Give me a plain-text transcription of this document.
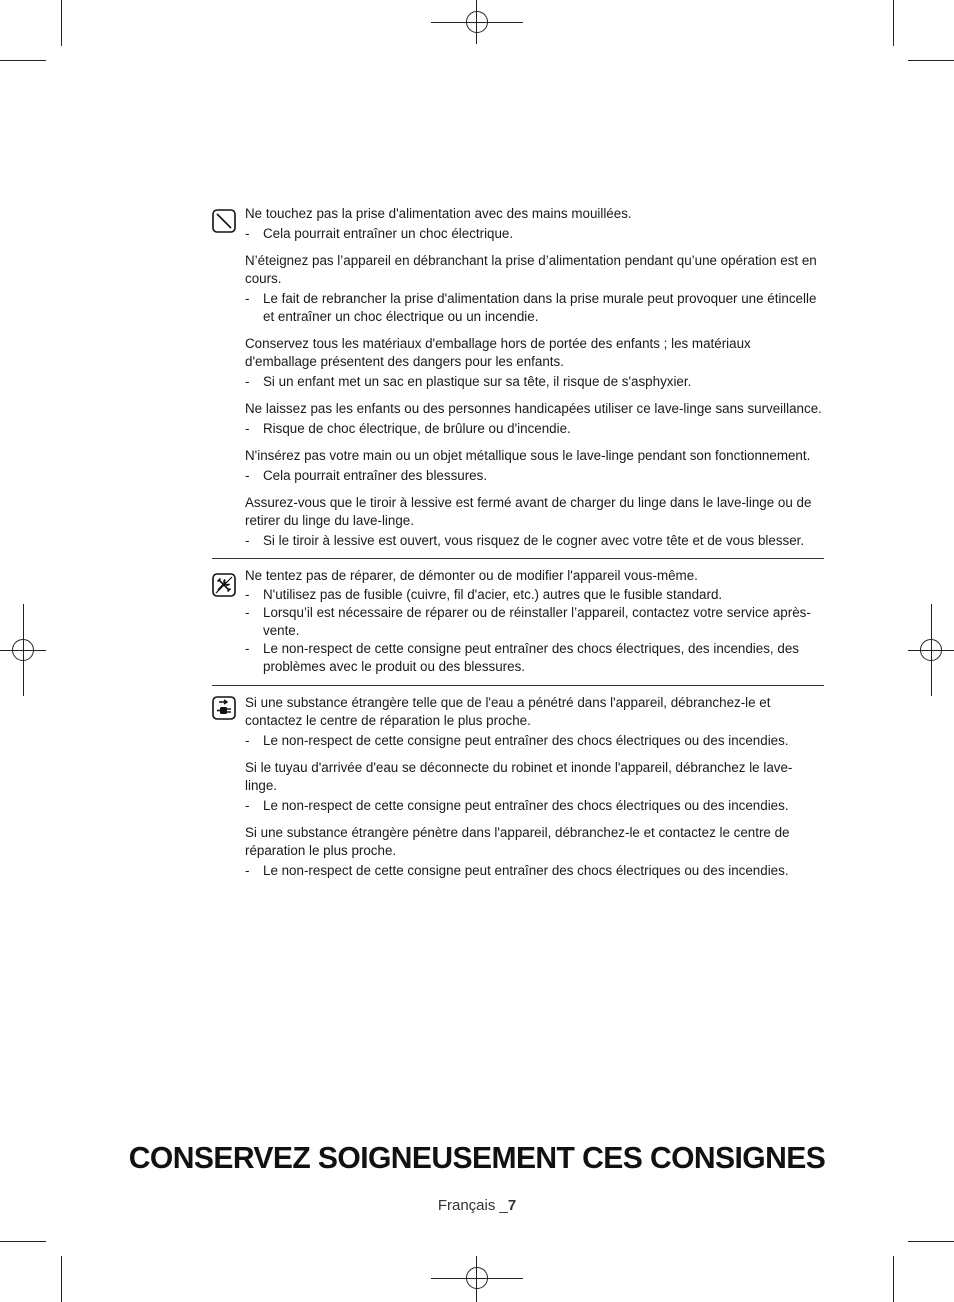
Ne touchez pas la prise d'alimentation avec des mains mouillées.

- Cela pourrait entraîner un choc électrique.

N’éteignez pas l’appareil en débranchant la prise d’alimentation pendant qu’une opération est en cours.

- Le fait de rebrancher la prise d'alimentation dans la prise murale peut provoquer une étincelle et entraîner un choc électrique ou un incendie.

Conservez tous les matériaux d'emballage hors de portée des enfants ; les matériaux d'emballage présentent des dangers pour les enfants.

- Si un enfant met un sac en plastique sur sa tête, il risque de s'asphyxier.

Ne laissez pas les enfants ou des personnes handicapées utiliser ce lave-linge sans surveillance.

- Risque de choc électrique, de brûlure ou d'incendie.

N'insérez pas votre main ou un objet métallique sous le lave-linge pendant son fonctionnement.

- Cela pourrait entraîner des blessures.

Assurez-vous que le tiroir à lessive est fermé avant de charger du linge dans le lave-linge ou de retirer du linge du lave-linge.

- Si le tiroir à lessive est ouvert, vous risquez de le cogner avec votre tête et de vous blesser.

Ne tentez pas de réparer, de démonter ou de modifier l'appareil vous-même.

- N'utilisez pas de fusible (cuivre, fil d'acier, etc.) autres que le fusible standard.
- Lorsqu’il est nécessaire de réparer ou de réinstaller l’appareil, contactez votre service après-vente.
- Le non-respect de cette consigne peut entraîner des chocs électriques, des incendies, des problèmes avec le produit ou des blessures.

Si une substance étrangère telle que de l'eau a pénétré dans l'appareil, débranchez-le et contactez le centre de réparation le plus proche.

- Le non-respect de cette consigne peut entraîner des chocs électriques ou des incendies.

Si le tuyau d'arrivée d'eau se déconnecte du robinet et inonde l'appareil, débranchez le lave-linge.

- Le non-respect de cette consigne peut entraîner des chocs électriques ou des incendies.

Si une substance étrangère pénètre dans l'appareil, débranchez-le et contactez le centre de réparation le plus proche.

- Le non-respect de cette consigne peut entraîner des chocs électriques ou des incendies.
CONSERVEZ SOIGNEUSEMENT CES CONSIGNES
Français _7
